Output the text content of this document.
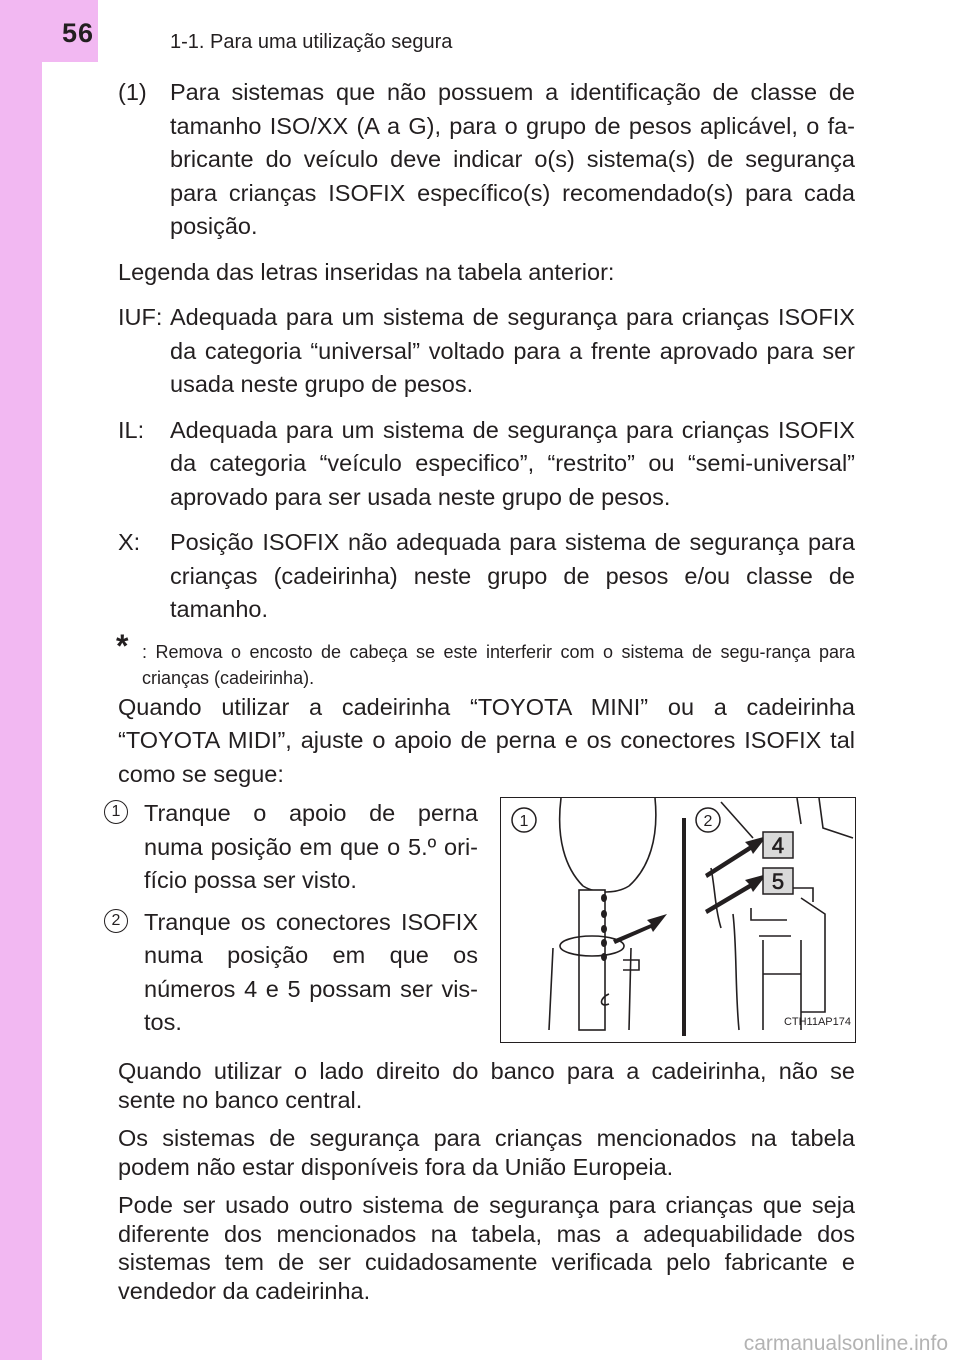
56	1-1. Para uma utilização segura

(1) Para sistemas que não possuem a identificação de classe de tamanho ISO/XX (A a G), para o grupo de pesos aplicável, o fa-bricante do veículo deve indicar o(s) sistema(s) de segurança para crianças ISOFIX específico(s) recomendado(s) para cada posição.

Legenda das letras inseridas na tabela anterior:

IUF: Adequada para um sistema de segurança para crianças ISOFIX da categoria “universal” voltado para a frente aprovado para ser usada neste grupo de pesos.

IL: Adequada para um sistema de segurança para crianças ISOFIX da categoria “veículo especifico”, “restrito” ou “semi-universal” aprovado para ser usada neste grupo de pesos.

X: Posição ISOFIX não adequada para sistema de segurança para crianças (cadeirinha) neste grupo de pesos e/ou classe de tamanho.

* : Remova o encosto de cabeça se este interferir com o sistema de segu-rança para crianças (cadeirinha).

Quando utilizar a cadeirinha “TOYOTA MINI” ou a cadeirinha “TOYOTA MIDI”, ajuste o apoio de perna e os conectores ISOFIX tal como se segue:

1	Tranque o apoio de perna numa posição em que o 5.º ori-fício possa ser visto.

2	Tranque os conectores ISOFIX numa posição em que os números 4 e 5 possam ser vis-tos.

4
5
1	2
CTH11AP174

Quando utilizar o lado direito do banco para a cadeirinha, não se sente no banco central.

Os sistemas de segurança para crianças mencionados na tabela podem não estar disponíveis fora da União Europeia.

Pode ser usado outro sistema de segurança para crianças que seja diferente dos mencionados na tabela, mas a adequabilidade dos sistemas tem de ser cuidadosamente verificada pelo fabricante e vendedor da cadeirinha.

carmanualsonline.info
